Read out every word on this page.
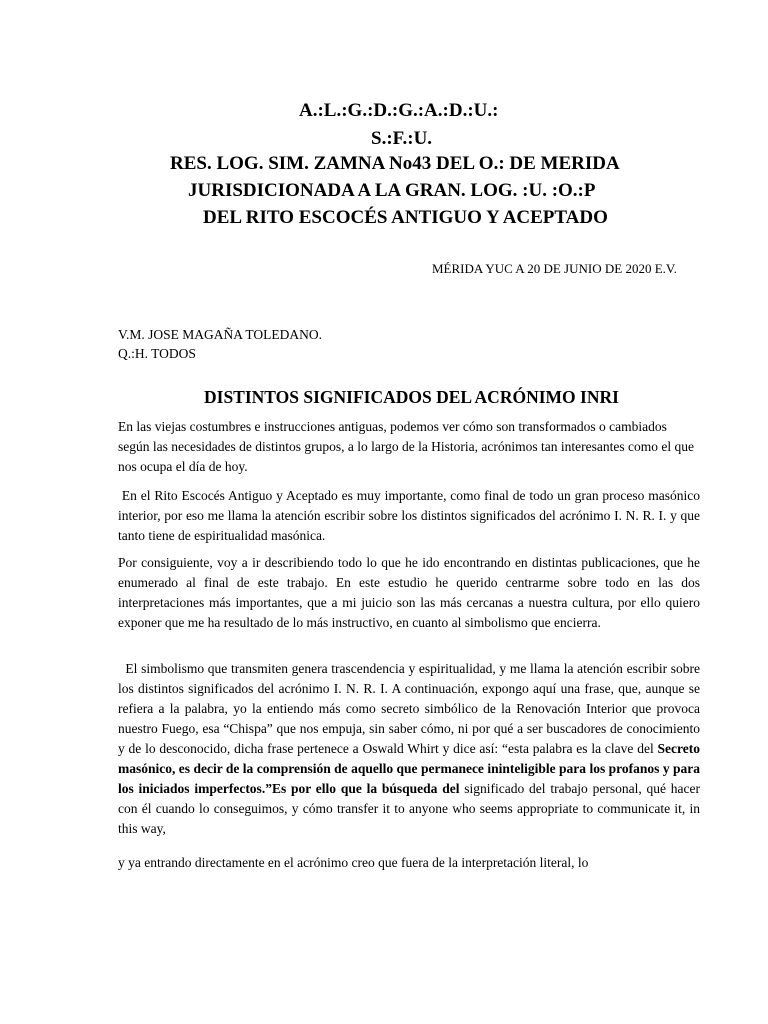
A.:L.:G.:D.:G.:A.:D.:U.:
S.:F.:U.
RES. LOG. SIM. ZAMNA No43 DEL O.: DE MERIDA
JURISDICIONADA A LA GRAN. LOG. :U. :O.:P
DEL RITO ESCOCÉS ANTIGUO Y ACEPTADO
MÉRIDA YUC A 20 DE JUNIO DE 2020 E.V.
V.M. JOSE MAGAÑA TOLEDANO.
Q.:H. TODOS
DISTINTOS SIGNIFICADOS DEL ACRÓNIMO INRI

En las viejas costumbres e instrucciones antiguas, podemos ver cómo son transformados o cambiados según las necesidades de distintos grupos, a lo largo de la Historia, acrónimos tan interesantes como el que nos ocupa el día de hoy.

En el Rito Escocés Antiguo y Aceptado es muy importante, como final de todo un gran proceso masónico interior, por eso me llama la atención escribir sobre los distintos significados del acrónimo I. N. R. I. y que tanto tiene de espiritualidad masónica.

Por consiguiente, voy a ir describiendo todo lo que he ido encontrando en distintas publicaciones, que he enumerado al final de este trabajo. En este estudio he querido centrarme sobre todo en las dos interpretaciones más importantes, que a mi juicio son las más cercanas a nuestra cultura, por ello quiero exponer que me ha resultado de lo más instructivo, en cuanto al simbolismo que encierra.

El simbolismo que transmiten genera trascendencia y espiritualidad, y me llama la atención escribir sobre los distintos significados del acrónimo I. N. R. I. A continuación, expongo aquí una frase, que, aunque se refiera a la palabra, yo la entiendo más como secreto simbólico de la Renovación Interior que provoca nuestro Fuego, esa “Chispa” que nos empuja, sin saber cómo, ni por qué a ser buscadores de conocimiento y de lo desconocido, dicha frase pertenece a Oswald Whirt y dice así: “esta palabra es la clave del Secreto masónico, es decir de la comprensión de aquello que permanece ininteligible para los profanos y para los iniciados imperfectos.”Es por ello que la búsqueda del significado del trabajo personal, qué hacer con él cuando lo conseguimos, y cómo transfer it to anyone who seems appropriate to communicate it, in this way,

y ya entrando directamente en el acrónimo creo que fuera de la interpretación literal, lo
